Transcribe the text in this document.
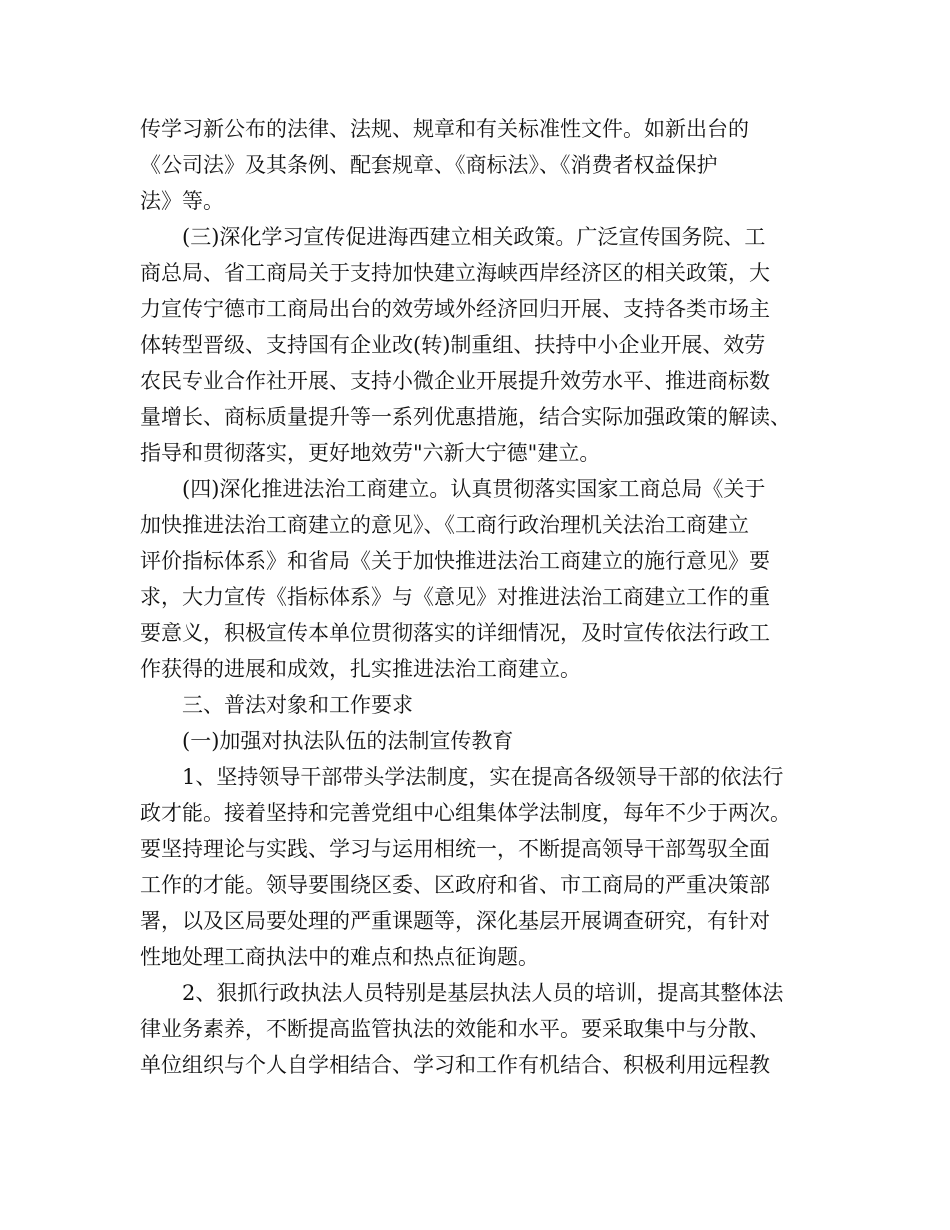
传学习新公布的法律、法规、规章和有关标准性文件。如新出台的
《公司法》及其条例、配套规章、《商标法》、《消费者权益保护
法》等。
(三)深化学习宣传促进海西建立相关政策。广泛宣传国务院、工
商总局、省工商局关于支持加快建立海峡西岸经济区的相关政策，大
力宣传宁德市工商局出台的效劳域外经济回归开展、支持各类市场主
体转型晋级、支持国有企业改(转)制重组、扶持中小企业开展、效劳
农民专业合作社开展、支持小微企业开展提升效劳水平、推进商标数
量增长、商标质量提升等一系列优惠措施，结合实际加强政策的解读、
指导和贯彻落实，更好地效劳"六新大宁德"建立。
(四)深化推进法治工商建立。认真贯彻落实国家工商总局《关于
加快推进法治工商建立的意见》、《工商行政治理机关法治工商建立
评价指标体系》和省局《关于加快推进法治工商建立的施行意见》要
求，大力宣传《指标体系》与《意见》对推进法治工商建立工作的重
要意义，积极宣传本单位贯彻落实的详细情况，及时宣传依法行政工
作获得的进展和成效，扎实推进法治工商建立。
三、普法对象和工作要求
(一)加强对执法队伍的法制宣传教育
1、坚持领导干部带头学法制度，实在提高各级领导干部的依法行
政才能。接着坚持和完善党组中心组集体学法制度，每年不少于两次。
要坚持理论与实践、学习与运用相统一，不断提高领导干部驾驭全面
工作的才能。领导要围绕区委、区政府和省、市工商局的严重决策部
署，以及区局要处理的严重课题等，深化基层开展调查研究，有针对
性地处理工商执法中的难点和热点征询题。
2、狠抓行政执法人员特别是基层执法人员的培训，提高其整体法
律业务素养，不断提高监管执法的效能和水平。要采取集中与分散、
单位组织与个人自学相结合、学习和工作有机结合、积极利用远程教
